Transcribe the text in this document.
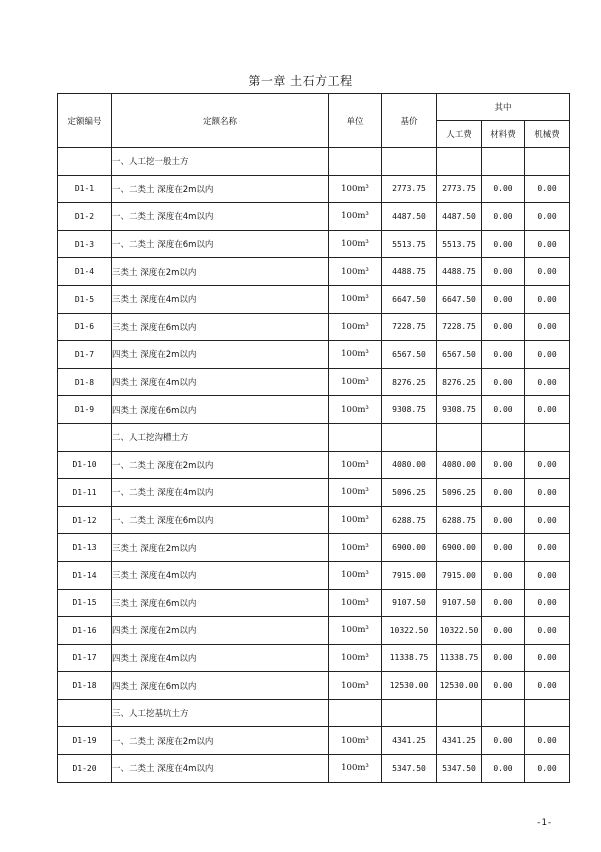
第一章 土石方工程
定额编号	定额名称	单位	基价	其中		
				人工费	材料费	机械费
	一、人工挖一般土方					
D1-1	一、二类土 深度在2m以内	100m³	2773.75	2773.75	0.00	0.00
D1-2	一、二类土 深度在4m以内	100m³	4487.50	4487.50	0.00	0.00
D1-3	一、二类土 深度在6m以内	100m³	5513.75	5513.75	0.00	0.00
D1-4	三类土 深度在2m以内	100m³	4488.75	4488.75	0.00	0.00
D1-5	三类土 深度在4m以内	100m³	6647.50	6647.50	0.00	0.00
D1-6	三类土 深度在6m以内	100m³	7228.75	7228.75	0.00	0.00
D1-7	四类土 深度在2m以内	100m³	6567.50	6567.50	0.00	0.00
D1-8	四类土 深度在4m以内	100m³	8276.25	8276.25	0.00	0.00
D1-9	四类土 深度在6m以内	100m³	9308.75	9308.75	0.00	0.00
	二、人工挖沟槽土方					
D1-10	一、二类土 深度在2m以内	100m³	4080.00	4080.00	0.00	0.00
D1-11	一、二类土 深度在4m以内	100m³	5096.25	5096.25	0.00	0.00
D1-12	一、二类土 深度在6m以内	100m³	6288.75	6288.75	0.00	0.00
D1-13	三类土 深度在2m以内	100m³	6900.00	6900.00	0.00	0.00
D1-14	三类土 深度在4m以内	100m³	7915.00	7915.00	0.00	0.00
D1-15	三类土 深度在6m以内	100m³	9107.50	9107.50	0.00	0.00
D1-16	四类土 深度在2m以内	100m³	10322.50	10322.50	0.00	0.00
D1-17	四类土 深度在4m以内	100m³	11338.75	11338.75	0.00	0.00
D1-18	四类土 深度在6m以内	100m³	12530.00	12530.00	0.00	0.00
	三、人工挖基坑土方					
D1-19	一、二类土 深度在2m以内	100m³	4341.25	4341.25	0.00	0.00
D1-20	一、二类土 深度在4m以内	100m³	5347.50	5347.50	0.00	0.00
-1-
